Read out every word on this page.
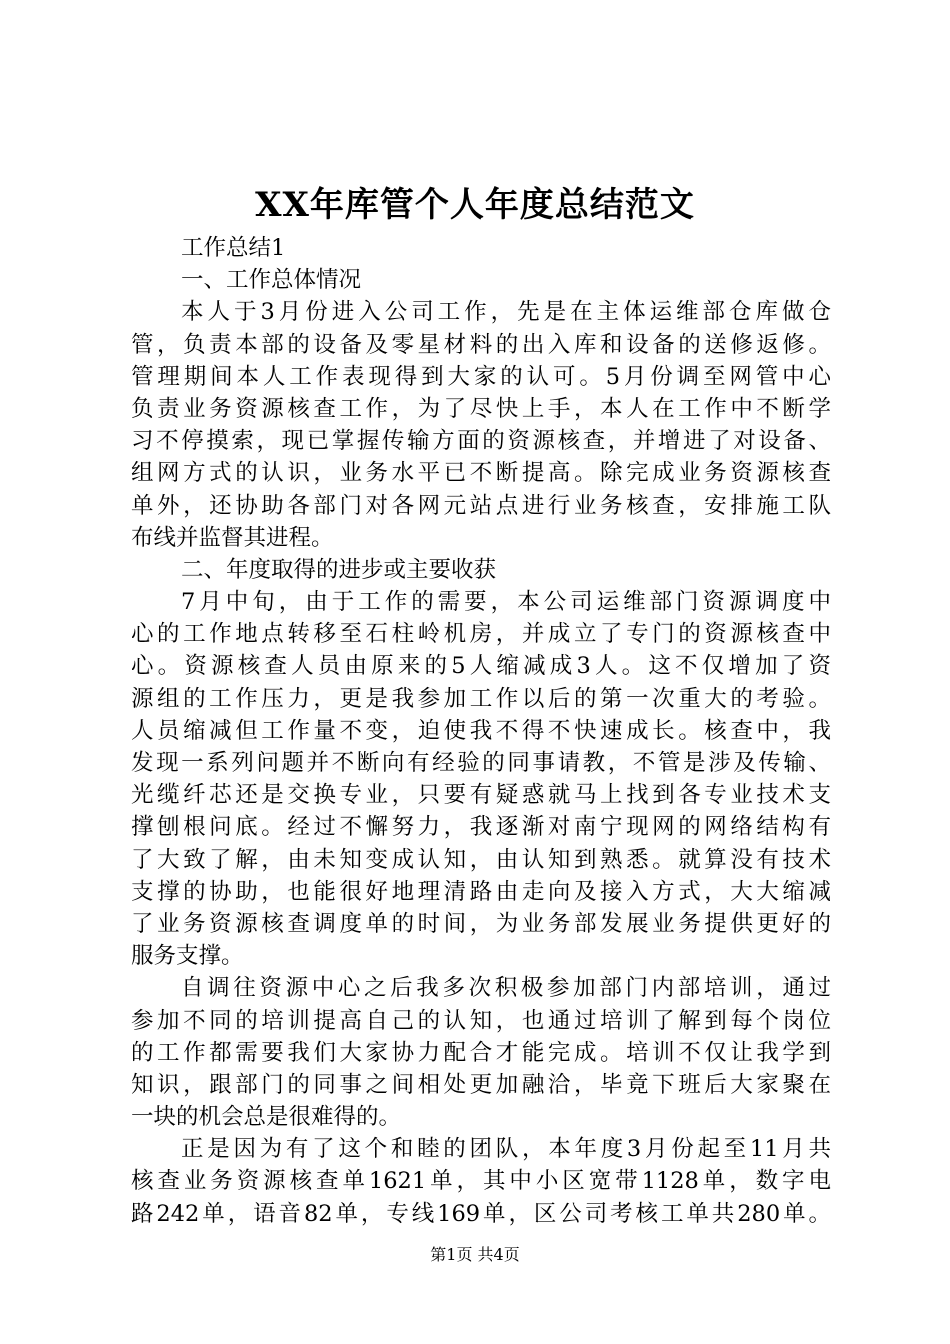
XX年库管个人年度总结范文
工作总结1
一、工作总体情况
本人于3月份进入公司工作，先是在主体运维部仓库做仓
管，负责本部的设备及零星材料的出入库和设备的送修返修。
管理期间本人工作表现得到大家的认可。5月份调至网管中心
负责业务资源核查工作，为了尽快上手，本人在工作中不断学
习不停摸索，现已掌握传输方面的资源核查，并增进了对设备、
组网方式的认识，业务水平已不断提高。除完成业务资源核查
单外，还协助各部门对各网元站点进行业务核查，安排施工队
布线并监督其进程。
二、年度取得的进步或主要收获
7月中旬，由于工作的需要，本公司运维部门资源调度中
心的工作地点转移至石柱岭机房，并成立了专门的资源核查中
心。资源核查人员由原来的5人缩减成3人。这不仅增加了资
源组的工作压力，更是我参加工作以后的第一次重大的考验。
人员缩减但工作量不变，迫使我不得不快速成长。核查中，我
发现一系列问题并不断向有经验的同事请教，不管是涉及传输、
光缆纤芯还是交换专业，只要有疑惑就马上找到各专业技术支
撑刨根问底。经过不懈努力，我逐渐对南宁现网的网络结构有
了大致了解，由未知变成认知，由认知到熟悉。就算没有技术
支撑的协助，也能很好地理清路由走向及接入方式，大大缩减
了业务资源核查调度单的时间，为业务部发展业务提供更好的
服务支撑。
自调往资源中心之后我多次积极参加部门内部培训，通过
参加不同的培训提高自己的认知，也通过培训了解到每个岗位
的工作都需要我们大家协力配合才能完成。培训不仅让我学到
知识，跟部门的同事之间相处更加融洽，毕竟下班后大家聚在
一块的机会总是很难得的。
正是因为有了这个和睦的团队，本年度3月份起至11月共
核查业务资源核查单1621单，其中小区宽带1128单，数字电
路242单，语音82单，专线169单，区公司考核工单共280单。
第1页 共4页
